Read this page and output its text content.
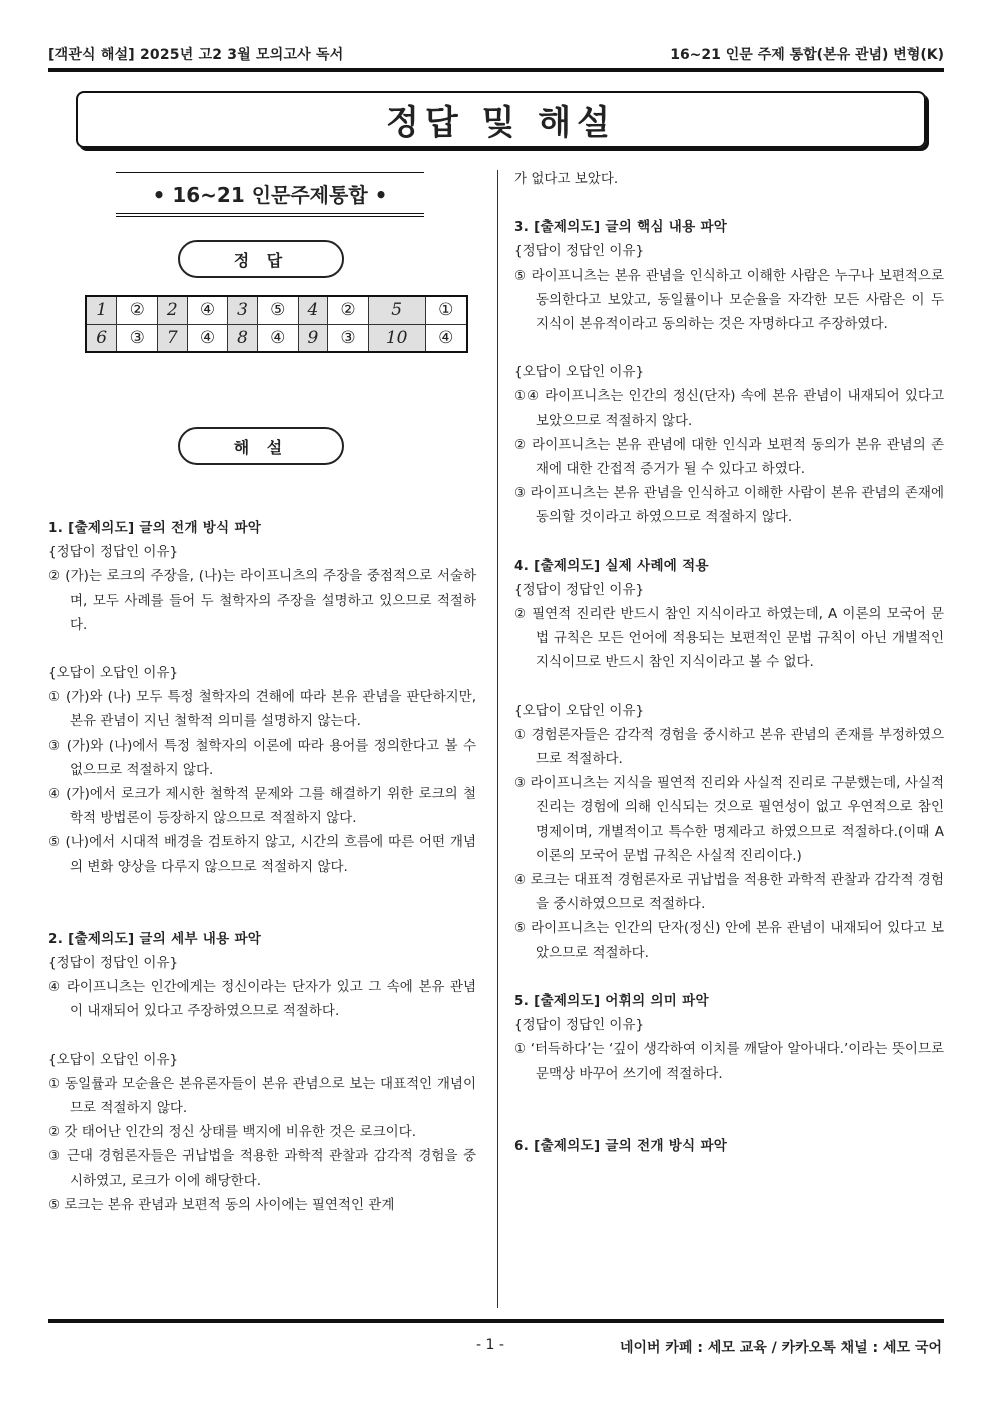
[객관식 해설] 2025년 고2 3월 모의고사 독서	16~21 인문 주제 통합(본유 관념) 변형(K)
정답 및 해설
• 16~21 인문주제통합 •
정 답
1	②	2	④	3	⑤	4	②	5	①
6	③	7	④	8	④	9	③	10	④
해 설
1. [출제의도] 글의 전개 방식 파악
{정답이 정답인 이유}
② (가)는 로크의 주장을, (나)는 라이프니츠의 주장을 중점적으로 서술하며, 모두 사례를 들어 두 철학자의 주장을 설명하고 있으므로 적절하다.
{오답이 오답인 이유}
① (가)와 (나) 모두 특정 철학자의 견해에 따라 본유 관념을 판단하지만, 본유 관념이 지닌 철학적 의미를 설명하지 않는다.
③ (가)와 (나)에서 특정 철학자의 이론에 따라 용어를 정의한다고 볼 수 없으므로 적절하지 않다.
④ (가)에서 로크가 제시한 철학적 문제와 그를 해결하기 위한 로크의 철학적 방법론이 등장하지 않으므로 적절하지 않다.
⑤ (나)에서 시대적 배경을 검토하지 않고, 시간의 흐름에 따른 어떤 개념의 변화 양상을 다루지 않으므로 적절하지 않다.
2. [출제의도] 글의 세부 내용 파악
{정답이 정답인 이유}
④ 라이프니츠는 인간에게는 정신이라는 단자가 있고 그 속에 본유 관념이 내재되어 있다고 주장하였으므로 적절하다.
{오답이 오답인 이유}
① 동일률과 모순율은 본유론자들이 본유 관념으로 보는 대표적인 개념이므로 적절하지 않다.
② 갓 태어난 인간의 정신 상태를 백지에 비유한 것은 로크이다.
③ 근대 경험론자들은 귀납법을 적용한 과학적 관찰과 감각적 경험을 중시하였고, 로크가 이에 해당한다.
⑤ 로크는 본유 관념과 보편적 동의 사이에는 필연적인 관계
가 없다고 보았다.
3. [출제의도] 글의 핵심 내용 파악
{정답이 정답인 이유}
⑤ 라이프니츠는 본유 관념을 인식하고 이해한 사람은 누구나 보편적으로 동의한다고 보았고, 동일률이나 모순율을 자각한 모든 사람은 이 두 지식이 본유적이라고 동의하는 것은 자명하다고 주장하였다.
{오답이 오답인 이유}
①④ 라이프니츠는 인간의 정신(단자) 속에 본유 관념이 내재되어 있다고 보았으므로 적절하지 않다.
② 라이프니츠는 본유 관념에 대한 인식과 보편적 동의가 본유 관념의 존재에 대한 간접적 증거가 될 수 있다고 하였다.
③ 라이프니츠는 본유 관념을 인식하고 이해한 사람이 본유 관념의 존재에 동의할 것이라고 하였으므로 적절하지 않다.
4. [출제의도] 실제 사례에 적용
{정답이 정답인 이유}
② 필연적 진리란 반드시 참인 지식이라고 하였는데, A 이론의 모국어 문법 규칙은 모든 언어에 적용되는 보편적인 문법 규칙이 아닌 개별적인 지식이므로 반드시 참인 지식이라고 볼 수 없다.
{오답이 오답인 이유}
① 경험론자들은 감각적 경험을 중시하고 본유 관념의 존재를 부정하였으므로 적절하다.
③ 라이프니츠는 지식을 필연적 진리와 사실적 진리로 구분했는데, 사실적 진리는 경험에 의해 인식되는 것으로 필연성이 없고 우연적으로 참인 명제이며, 개별적이고 특수한 명제라고 하였으므로 적절하다.(이때 A 이론의 모국어 문법 규칙은 사실적 진리이다.)
④ 로크는 대표적 경험론자로 귀납법을 적용한 과학적 관찰과 감각적 경험을 중시하였으므로 적절하다.
⑤ 라이프니츠는 인간의 단자(정신) 안에 본유 관념이 내재되어 있다고 보았으므로 적절하다.
5. [출제의도] 어휘의 의미 파악
{정답이 정답인 이유}
① ‘터득하다’는 ‘깊이 생각하여 이치를 깨달아 알아내다.’이라는 뜻이므로 문맥상 바꾸어 쓰기에 적절하다.
6. [출제의도] 글의 전개 방식 파악
- 1 -	네이버 카페 : 세모 교육 / 카카오톡 채널 : 세모 국어
